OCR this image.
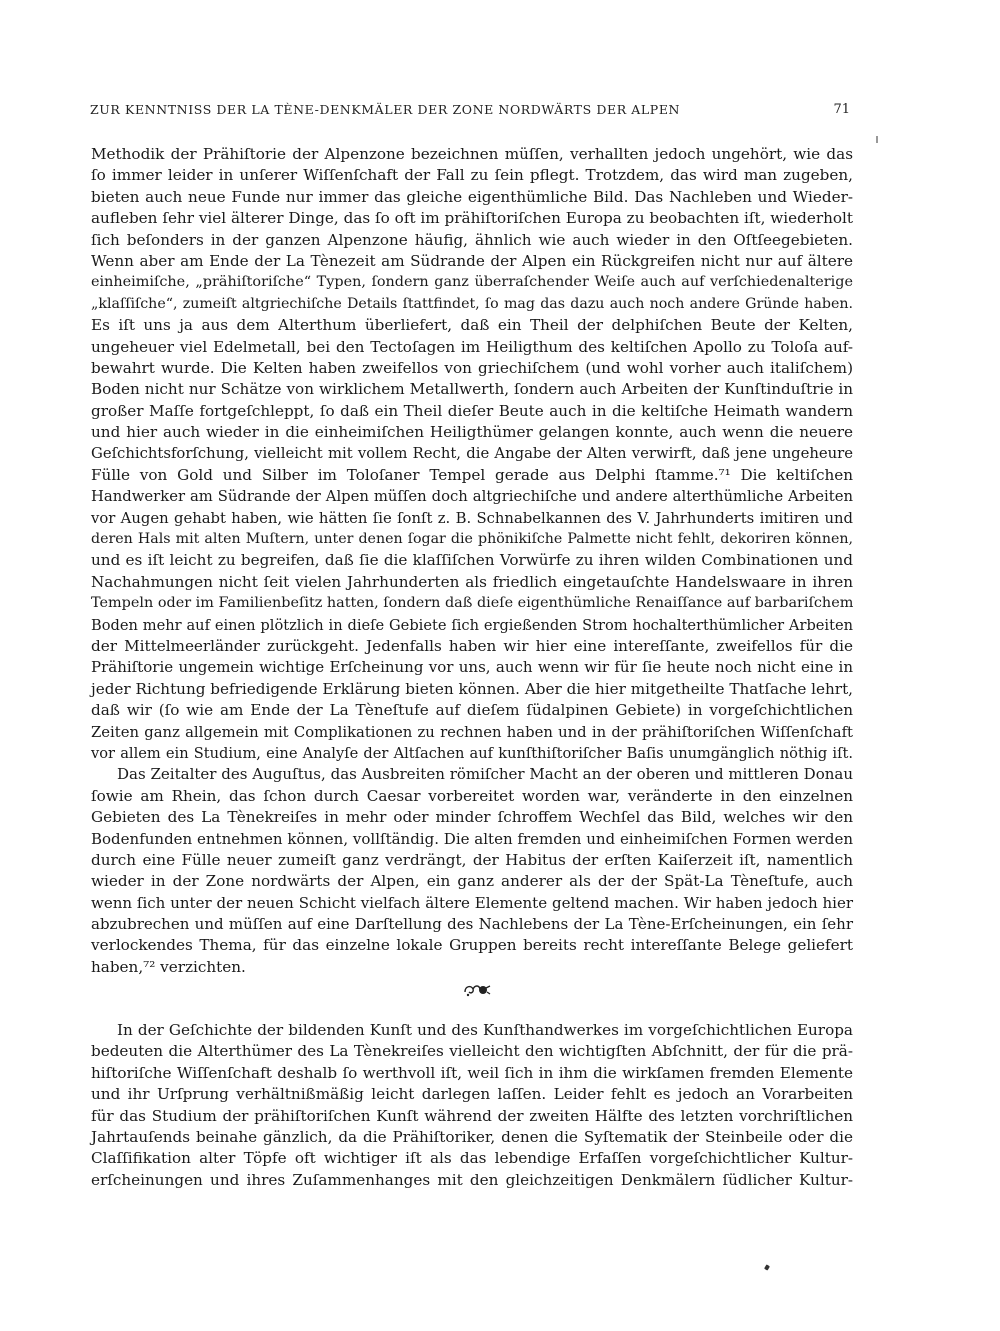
ZUR KENNTNISS DER LA TÈNE-DENKMÄLER DER ZONE NORDWÄRTS DER ALPEN	71
Methodik der Prähiſtorie der Alpenzone bezeichnen müſſen, verhallten jedoch ungehört, wie das
ſo immer leider in unſerer Wiſſenſchaft der Fall zu ſein pflegt. Trotzdem, das wird man zugeben,
bieten auch neue Funde nur immer das gleiche eigenthümliche Bild. Das Nachleben und Wieder-
aufleben ſehr viel älterer Dinge, das ſo oft im prähiſtoriſchen Europa zu beobachten iſt, wiederholt
ſich beſonders in der ganzen Alpenzone häufig, ähnlich wie auch wieder in den Oſtſeegebieten.
Wenn aber am Ende der La Tènezeit am Südrande der Alpen ein Rückgreifen nicht nur auf ältere
einheimiſche, „prähiſtoriſche“ Typen, ſondern ganz überraſchender Weiſe auch auf verſchiedenalterige
„klaſſiſche“, zumeiſt altgriechiſche Details ſtattfindet, ſo mag das dazu auch noch andere Gründe haben.
Es iſt uns ja aus dem Alterthum überliefert, daß ein Theil der delphiſchen Beute der Kelten,
ungeheuer viel Edelmetall, bei den Tectoſagen im Heiligthum des keltiſchen Apollo zu Toloſa auf-
bewahrt wurde. Die Kelten haben zweifellos von griechiſchem (und wohl vorher auch italiſchem)
Boden nicht nur Schätze von wirklichem Metallwerth, ſondern auch Arbeiten der Kunſtinduſtrie in
großer Maſſe fortgeſchleppt, ſo daß ein Theil dieſer Beute auch in die keltiſche Heimath wandern
und hier auch wieder in die einheimiſchen Heiligthümer gelangen konnte, auch wenn die neuere
Geſchichtsforſchung, vielleicht mit vollem Recht, die Angabe der Alten verwirft, daß jene ungeheure
Fülle von Gold und Silber im Toloſaner Tempel gerade aus Delphi ſtamme.⁷¹ Die keltiſchen
Handwerker am Südrande der Alpen müſſen doch altgriechiſche und andere alterthümliche Arbeiten
vor Augen gehabt haben, wie hätten ſie ſonſt z. B. Schnabelkannen des V. Jahrhunderts imitiren und
deren Hals mit alten Muſtern, unter denen ſogar die phönikiſche Palmette nicht fehlt, dekoriren können,
und es iſt leicht zu begreifen, daß ſie die klaſſiſchen Vorwürfe zu ihren wilden Combinationen und
Nachahmungen nicht ſeit vielen Jahrhunderten als friedlich eingetauſchte Handelswaare in ihren
Tempeln oder im Familienbeſitz hatten, ſondern daß dieſe eigenthümliche Renaiſſance auf barbariſchem
Boden mehr auf einen plötzlich in dieſe Gebiete ſich ergießenden Strom hochalterthümlicher Arbeiten
der Mittelmeerländer zurückgeht. Jedenfalls haben wir hier eine intereſſante, zweifellos für die
Prähiſtorie ungemein wichtige Erſcheinung vor uns, auch wenn wir für ſie heute noch nicht eine in
jeder Richtung befriedigende Erklärung bieten können. Aber die hier mitgetheilte Thatſache lehrt,
daß wir (ſo wie am Ende der La Tèneſtufe auf dieſem ſüdalpinen Gebiete) in vorgeſchichtlichen
Zeiten ganz allgemein mit Complikationen zu rechnen haben und in der prähiſtoriſchen Wiſſenſchaft
vor allem ein Studium, eine Analyſe der Altſachen auf kunſthiſtoriſcher Baſis unumgänglich nöthig iſt.
Das Zeitalter des Auguſtus, das Ausbreiten römiſcher Macht an der oberen und mittleren Donau
ſowie am Rhein, das ſchon durch Caesar vorbereitet worden war, veränderte in den einzelnen
Gebieten des La Tènekreiſes in mehr oder minder ſchroffem Wechſel das Bild, welches wir den
Bodenfunden entnehmen können, vollſtändig. Die alten fremden und einheimiſchen Formen werden
durch eine Fülle neuer zumeiſt ganz verdrängt, der Habitus der erſten Kaiſerzeit iſt, namentlich
wieder in der Zone nordwärts der Alpen, ein ganz anderer als der der Spät-La Tèneſtufe, auch
wenn ſich unter der neuen Schicht vielfach ältere Elemente geltend machen. Wir haben jedoch hier
abzubrechen und müſſen auf eine Darſtellung des Nachlebens der La Tène-Erſcheinungen, ein ſehr
verlockendes Thema, für das einzelne lokale Gruppen bereits recht intereſſante Belege geliefert
haben,⁷² verzichten.
In der Geſchichte der bildenden Kunſt und des Kunſthandwerkes im vorgeſchichtlichen Europa
bedeuten die Alterthümer des La Tènekreiſes vielleicht den wichtigſten Abſchnitt, der für die prä-
hiſtoriſche Wiſſenſchaft deshalb ſo werthvoll iſt, weil ſich in ihm die wirkſamen fremden Elemente
und ihr Urſprung verhältnißmäßig leicht darlegen laſſen. Leider fehlt es jedoch an Vorarbeiten
für das Studium der prähiſtoriſchen Kunſt während der zweiten Hälfte des letzten vorchriſtlichen
Jahrtauſends beinahe gänzlich, da die Prähiſtoriker, denen die Syſtematik der Steinbeile oder die
Claſſifikation alter Töpfe oft wichtiger iſt als das lebendige Erfaſſen vorgeſchichtlicher Kultur-
erſcheinungen und ihres Zuſammenhanges mit den gleichzeitigen Denkmälern ſüdlicher Kultur-
